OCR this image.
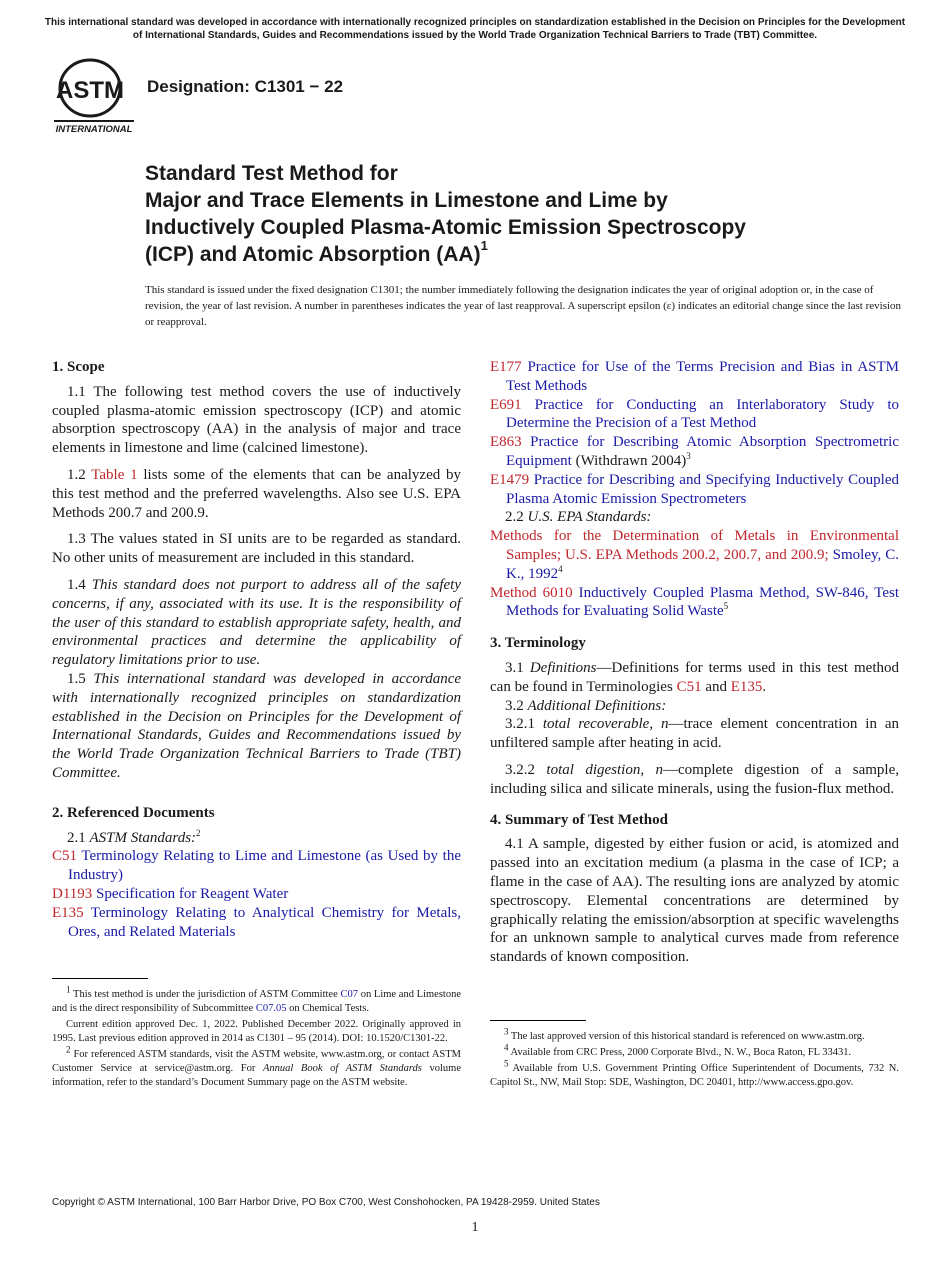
This international standard was developed in accordance with internationally recognized principles on standardization established in the Decision on Principles for the Development of International Standards, Guides and Recommendations issued by the World Trade Organization Technical Barriers to Trade (TBT) Committee.
ASTM
INTERNATIONAL
Designation: C1301 − 22
Standard Test Method for
Major and Trace Elements in Limestone and Lime by
Inductively Coupled Plasma-Atomic Emission Spectroscopy
(ICP) and Atomic Absorption (AA)$^1$
This standard is issued under the fixed designation C1301; the number immediately following the designation indicates the year of original adoption or, in the case of revision, the year of last revision. A number in parentheses indicates the year of last reapproval. A superscript epsilon (ε) indicates an editorial change since the last revision or reapproval.
1. Scope

1.1 The following test method covers the use of inductively coupled plasma-atomic emission spectroscopy (ICP) and atomic absorption spectroscopy (AA) in the analysis of major and trace elements in limestone and lime (calcined limestone).

1.2 Table 1 lists some of the elements that can be analyzed by this test method and the preferred wavelengths. Also see U.S. EPA Methods 200.7 and 200.9.

1.3 The values stated in SI units are to be regarded as standard. No other units of measurement are included in this standard.

1.4 This standard does not purport to address all of the safety concerns, if any, associated with its use. It is the responsibility of the user of this standard to establish appropriate safety, health, and environmental practices and determine the applicability of regulatory limitations prior to use.

1.5 This international standard was developed in accordance with internationally recognized principles on standardization established in the Decision on Principles for the Development of International Standards, Guides and Recommendations issued by the World Trade Organization Technical Barriers to Trade (TBT) Committee.

2. Referenced Documents

2.1 ASTM Standards:$^2$

C51 Terminology Relating to Lime and Limestone (as Used by the Industry)

D1193 Specification for Reagent Water

E135 Terminology Relating to Analytical Chemistry for Metals, Ores, and Related Materials

$^1$ This test method is under the jurisdiction of ASTM Committee C07 on Lime and Limestone and is the direct responsibility of Subcommittee C07.05 on Chemical Tests.

Current edition approved Dec. 1, 2022. Published December 2022. Originally approved in 1995. Last previous edition approved in 2014 as C1301 – 95 (2014). DOI: 10.1520/C1301-22.

$^2$ For referenced ASTM standards, visit the ASTM website, www.astm.org, or contact ASTM Customer Service at service@astm.org. For Annual Book of ASTM Standards volume information, refer to the standard’s Document Summary page on the ASTM website.

E177 Practice for Use of the Terms Precision and Bias in ASTM Test Methods

E691 Practice for Conducting an Interlaboratory Study to Determine the Precision of a Test Method

E863 Practice for Describing Atomic Absorption Spectrometric Equipment (Withdrawn 2004)$^3$

E1479 Practice for Describing and Specifying Inductively Coupled Plasma Atomic Emission Spectrometers

2.2 U.S. EPA Standards:

Methods for the Determination of Metals in Environmental Samples; U.S. EPA Methods 200.2, 200.7, and 200.9; Smoley, C. K., 1992$^4$

Method 6010 Inductively Coupled Plasma Method, SW-846, Test Methods for Evaluating Solid Waste$^5$

3. Terminology

3.1 Definitions—Definitions for terms used in this test method can be found in Terminologies C51 and E135.

3.2 Additional Definitions:

3.2.1 total recoverable, n—trace element concentration in an unfiltered sample after heating in acid.

3.2.2 total digestion, n—complete digestion of a sample, including silica and silicate minerals, using the fusion-flux method.

4. Summary of Test Method

4.1 A sample, digested by either fusion or acid, is atomized and passed into an excitation medium (a plasma in the case of ICP; a flame in the case of AA). The resulting ions are analyzed by atomic spectroscopy. Elemental concentrations are determined by graphically relating the emission/absorption at specific wavelengths for an unknown sample to analytical curves made from reference standards of known composition.

$^3$ The last approved version of this historical standard is referenced on www.astm.org.

$^4$ Available from CRC Press, 2000 Corporate Blvd., N. W., Boca Raton, FL 33431.

$^5$ Available from U.S. Government Printing Office Superintendent of Documents, 732 N. Capitol St., NW, Mail Stop: SDE, Washington, DC 20401, http://www.access.gpo.gov.

Copyright © ASTM International, 100 Barr Harbor Drive, PO Box C700, West Conshohocken, PA 19428-2959. United States
1
